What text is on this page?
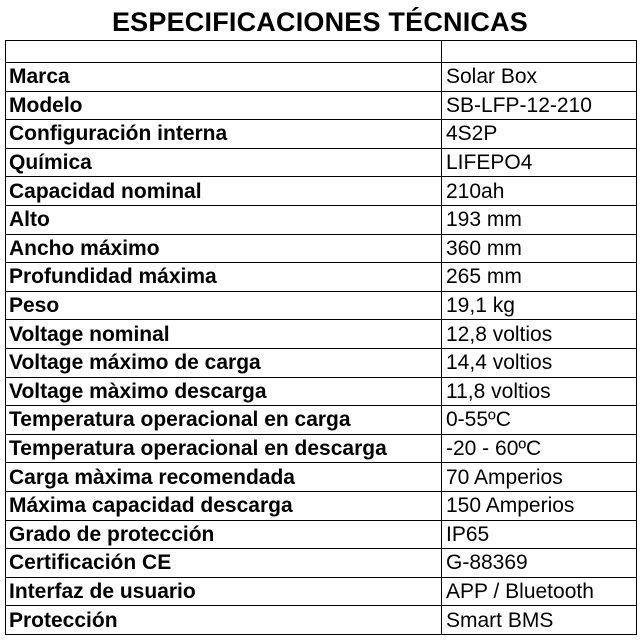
ESPECIFICACIONES TÉCNICAS

Marca	Solar Box
Modelo	SB-LFP-12-210
Configuración interna	4S2P
Química	LIFEPO4
Capacidad nominal	210ah
Alto	193 mm
Ancho máximo	360 mm
Profundidad máxima	265 mm
Peso	19,1 kg
Voltage nominal	12,8 voltios
Voltage máximo de carga	14,4 voltios
Voltage màximo descarga	11,8 voltios
Temperatura operacional en carga	0-55ºC
Temperatura operacional en descarga	-20 - 60ºC
Carga màxima recomendada	70 Amperios
Máxima capacidad descarga	150 Amperios
Grado de protección	IP65
Certificación CE	G-88369
Interfaz de usuario	APP / Bluetooth
Protección	Smart BMS
